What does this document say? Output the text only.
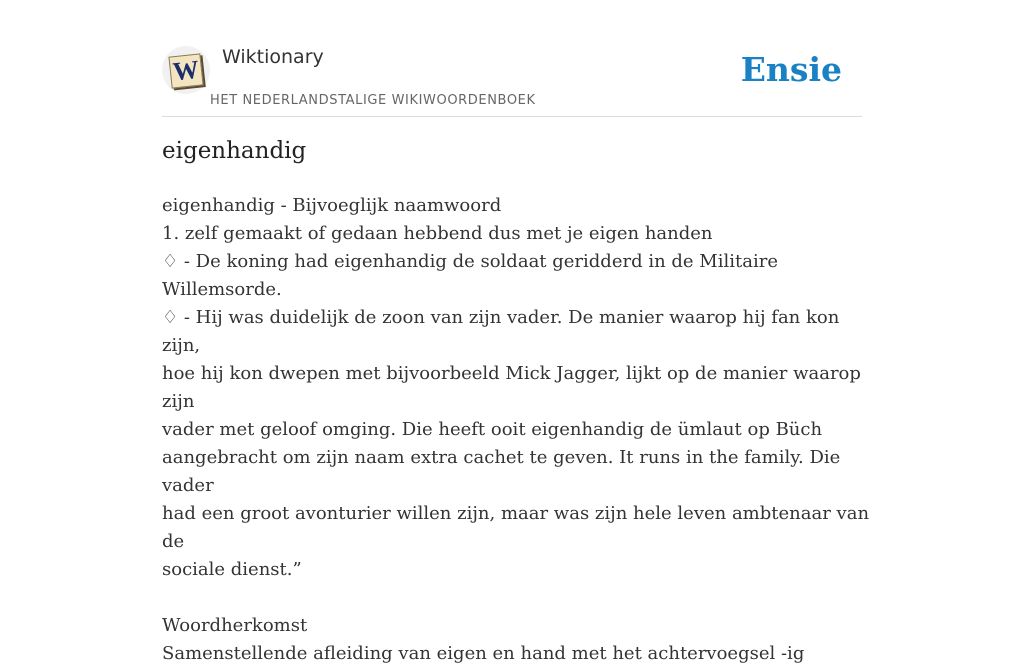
W Wiktionary
HET NEDERLANDSTALIGE WIKIWOORDENBOEK
Ensie
eigenhandig

eigenhandig - Bijvoeglijk naamwoord

1. zelf gemaakt of gedaan hebbend dus met je eigen handen

♢ - De koning had eigenhandig de soldaat geridderd in de Militaire Willemsorde.

♢ - Hij was duidelijk de zoon van zijn vader. De manier waarop hij fan kon zijn,

hoe hij kon dwepen met bijvoorbeeld Mick Jagger, lijkt op de manier waarop zijn

vader met geloof omging. Die heeft ooit eigenhandig de ümlaut op Büch

aangebracht om zijn naam extra cachet te geven. It runs in the family. Die vader

had een groot avonturier willen zijn, maar was zijn hele leven ambtenaar van de

sociale dienst.”

Woordherkomst

Samenstellende afleiding van eigen en hand met het achtervoegsel -ig
